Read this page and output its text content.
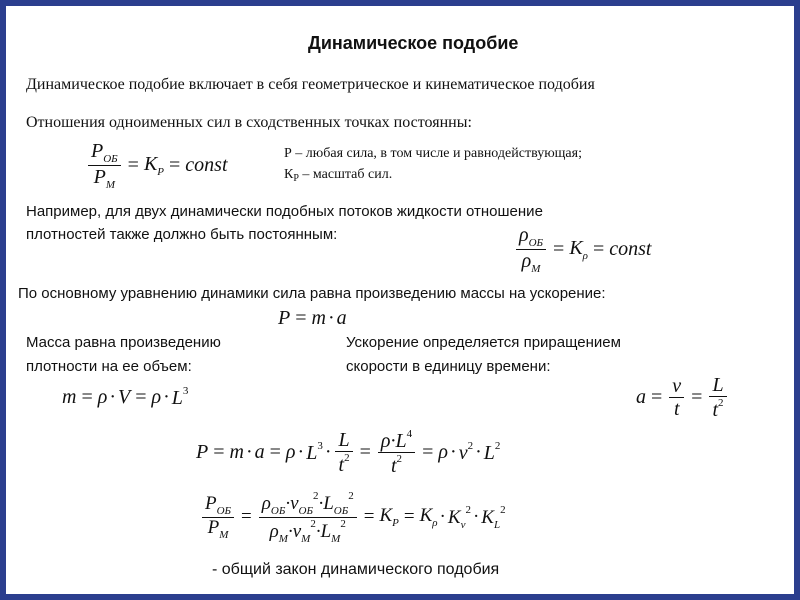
Динамическое подобие
Динамическое подобие включает в себя геометрическое и кинематическое подобия
Отношения одноименных сил в сходственных точках постоянны:
$\frac{P_{ОБ}}{P_М} = K_P$ = const
Р – любая сила, в том числе и равнодействующая;
$К_Р$ – масштаб сил.
Например, для двух динамически подобных потоков жидкости отношение
плотностей также должно быть постоянным:	$\frac{\rho_{ОБ}}{\rho_М} = K_\rho$ = const
По основному уравнению динамики сила равна произведению массы на ускорение:
P = m · a
Масса равна произведению
плотности на ее объем:
Ускорение определяется приращением
скорости в единицу времени:
$m = \rho \cdot V = \rho \cdot L^3$	$a = \frac{v}{t} = \frac{L}{t^2}$
$P = m \cdot a = \rho \cdot L^3 \cdot \frac{L}{t^2} = \frac{\rho\cdot L^4}{t^2} = \rho \cdot v^2 \cdot L^2$
$\frac{P_{ОБ}}{P_М} = \frac{\rho_{ОБ}\cdot v_{ОБ}^2\cdot L_{ОБ}^2}{\rho_М\cdot v_М^2\cdot L_М^2} = K_P = K_\rho \cdot K_v^2 \cdot K_L^2$
- общий закон динамического подобия
